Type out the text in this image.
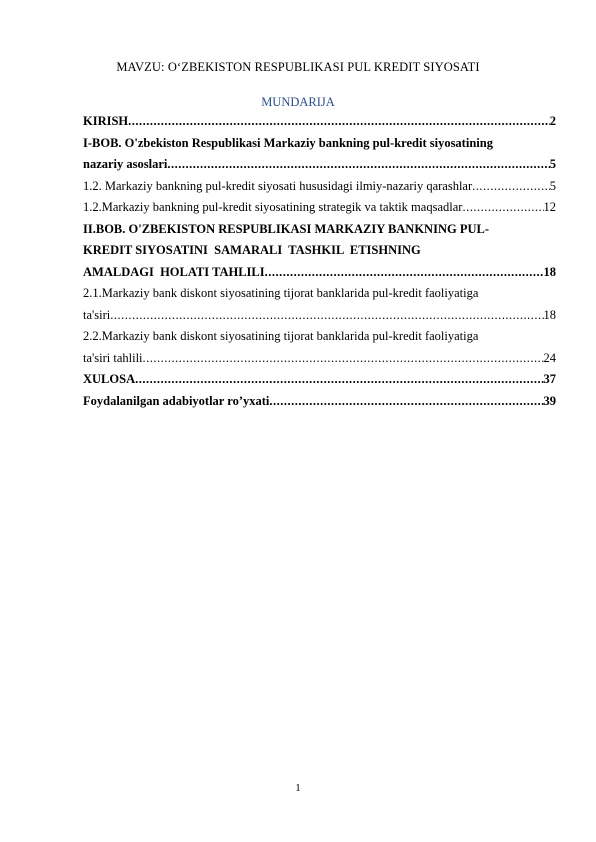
MAVZU: O‘ZBEKISTON RESPUBLIKASI PUL KREDIT SIYOSATI
MUNDARIJA
KIRISH .....	2
I-BOB. O'zbekiston Respublikasi Markaziy bankning pul-kredit siyosatining
nazariy asoslari .....	5
1.2. Markaziy bankning pul-kredit siyosati hususidagi ilmiy-nazariy qarashlar .....	5
1.2.Markaziy bankning pul-kredit siyosatining strategik va taktik maqsadlar .....	12
II.BOB. O'ZBEKISTON RESPUBLIKASI MARKAZIY BANKNING PUL-
KREDIT SIYOSATINI  SAMARALI  TASHKIL  ETISHNING
AMALDAGI  HOLATI TAHLILI .....	18
2.1.Markaziy bank diskont siyosatining tijorat banklarida pul-kredit faoliyatiga
ta'siri .....	18
2.2.Markaziy bank diskont siyosatining tijorat banklarida pul-kredit faoliyatiga
ta'siri tahlili .....	24
XULOSA .....	37
Foydalanilgan adabiyotlar ro’yxati .....	39
1
